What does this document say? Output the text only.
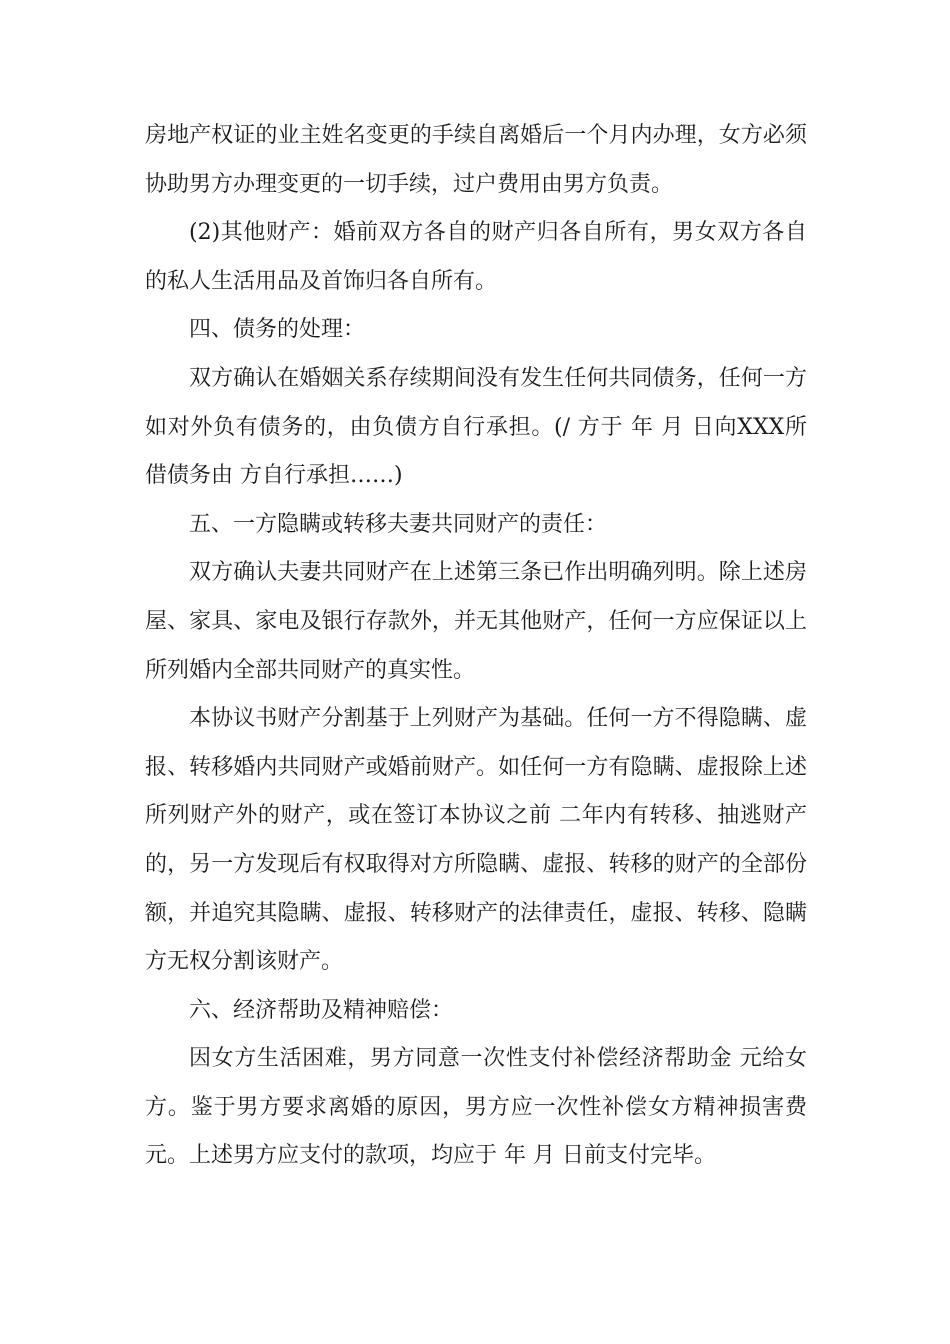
房地产权证的业主姓名变更的手续自离婚后一个月内办理，女方必须协助男方办理变更的一切手续，过户费用由男方负责。

(2)其他财产：婚前双方各自的财产归各自所有，男女双方各自的私人生活用品及首饰归各自所有。

四、债务的处理：

双方确认在婚姻关系存续期间没有发生任何共同债务，任何一方如对外负有债务的，由负债方自行承担。(/ 方于 年 月 日向XXX所借债务由 方自行承担……)

五、一方隐瞒或转移夫妻共同财产的责任：

双方确认夫妻共同财产在上述第三条已作出明确列明。除上述房屋、家具、家电及银行存款外，并无其他财产，任何一方应保证以上所列婚内全部共同财产的真实性。

本协议书财产分割基于上列财产为基础。任何一方不得隐瞒、虚报、转移婚内共同财产或婚前财产。如任何一方有隐瞒、虚报除上述所列财产外的财产，或在签订本协议之前 二年内有转移、抽逃财产的，另一方发现后有权取得对方所隐瞒、虚报、转移的财产的全部份额，并追究其隐瞒、虚报、转移财产的法律责任，虚报、转移、隐瞒方无权分割该财产。

六、经济帮助及精神赔偿：

因女方生活困难，男方同意一次性支付补偿经济帮助金 元给女方。鉴于男方要求离婚的原因，男方应一次性补偿女方精神损害费元。上述男方应支付的款项，均应于 年 月 日前支付完毕。
